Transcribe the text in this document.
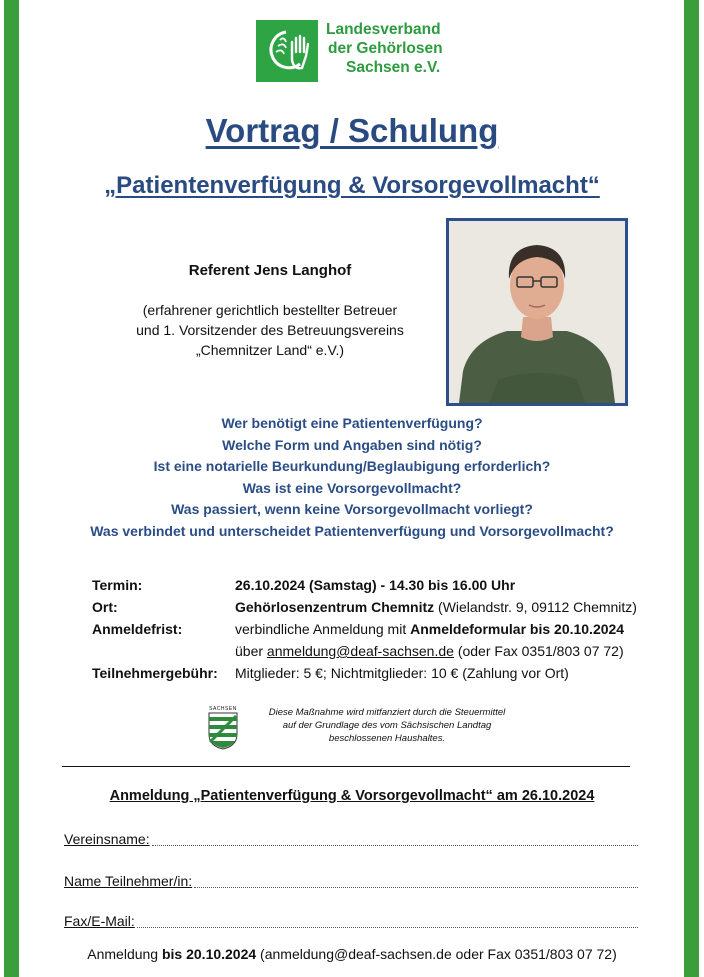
Landesverband
der Gehörlosen
Sachsen e.V.
Vortrag / Schulung
„Patientenverfügung & Vorsorgevollmacht“
Referent Jens Langhof
(erfahrener gerichtlich bestellter Betreuer
und 1. Vorsitzender des Betreuungsvereins
„Chemnitzer Land“ e.V.)
Wer benötigt eine Patientenverfügung?
Welche Form und Angaben sind nötig?
Ist eine notarielle Beurkundung/Beglaubigung erforderlich?
Was ist eine Vorsorgevollmacht?
Was passiert, wenn keine Vorsorgevollmacht vorliegt?
Was verbindet und unterscheidet Patientenverfügung und Vorsorgevollmacht?
Termin:	26.10.2024 (Samstag) - 14.30 bis 16.00 Uhr
Ort:	Gehörlosenzentrum Chemnitz (Wielandstr. 9, 09112 Chemnitz)
Anmeldefrist:	verbindliche Anmeldung mit Anmeldeformular bis 20.10.2024
über anmeldung@deaf-sachsen.de (oder Fax 0351/803 07 72)
Teilnehmergebühr:	Mitglieder: 5 €; Nichtmitglieder: 10 € (Zahlung vor Ort)
SACHSEN	Diese Maßnahme wird mitfanziert durch die Steuermittel
auf der Grundlage des vom Sächsischen Landtag
beschlossenen Haushaltes.
Anmeldung „Patientenverfügung & Vorsorgevollmacht“ am 26.10.2024
Vereinsname:
Name Teilnehmer/in:
Fax/E-Mail:
Anmeldung bis 20.10.2024 (anmeldung@deaf-sachsen.de oder Fax 0351/803 07 72)
